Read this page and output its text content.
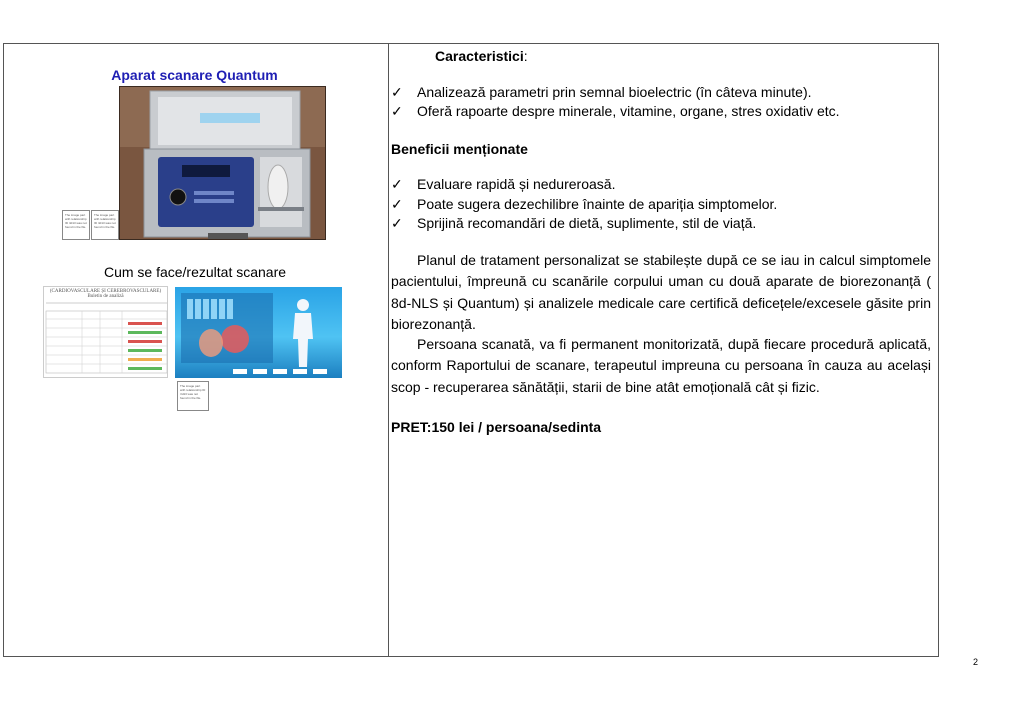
Aparat scanare Quantum
The image part with relationship ID rId13 was not found in the file.
The image part with relationship ID rId13 was not found in the file.
Cum se face/rezultat scanare
(CARDIOVASCULARE ȘI CEREBROVASCULARE)
Buletin de analiză
The image part with relationship ID rId13 was not found in the file.
Caracteristici:
✓ Analizează parametri prin semnal bioelectric (în câteva minute).
✓ Oferă rapoarte despre minerale, vitamine, organe, stres oxidativ etc.
Beneficii menționate
✓ Evaluare rapidă și nedureroasă.
✓ Poate sugera dezechilibre înainte de apariția simptomelor.
✓ Sprijină recomandări de dietă, suplimente, stil de viață.
Planul de tratament personalizat se stabilește după ce se iau in calcul simptomele pacientului, împreună cu scanările corpului uman cu două aparate de biorezonanță ( 8d-NLS și Quantum) și analizele medicale care certifică deficețele/excesele găsite prin biorezonanță.
Persoana scanată, va fi permanent monitorizată, după fiecare procedură aplicată, conform Raportului de scanare, terapeutul impreuna cu persoana în cauza au același scop - recuperarea sănătății, starii de bine atât emoțională cât și fizic.
PRET:150 lei / persoana/sedinta
2
